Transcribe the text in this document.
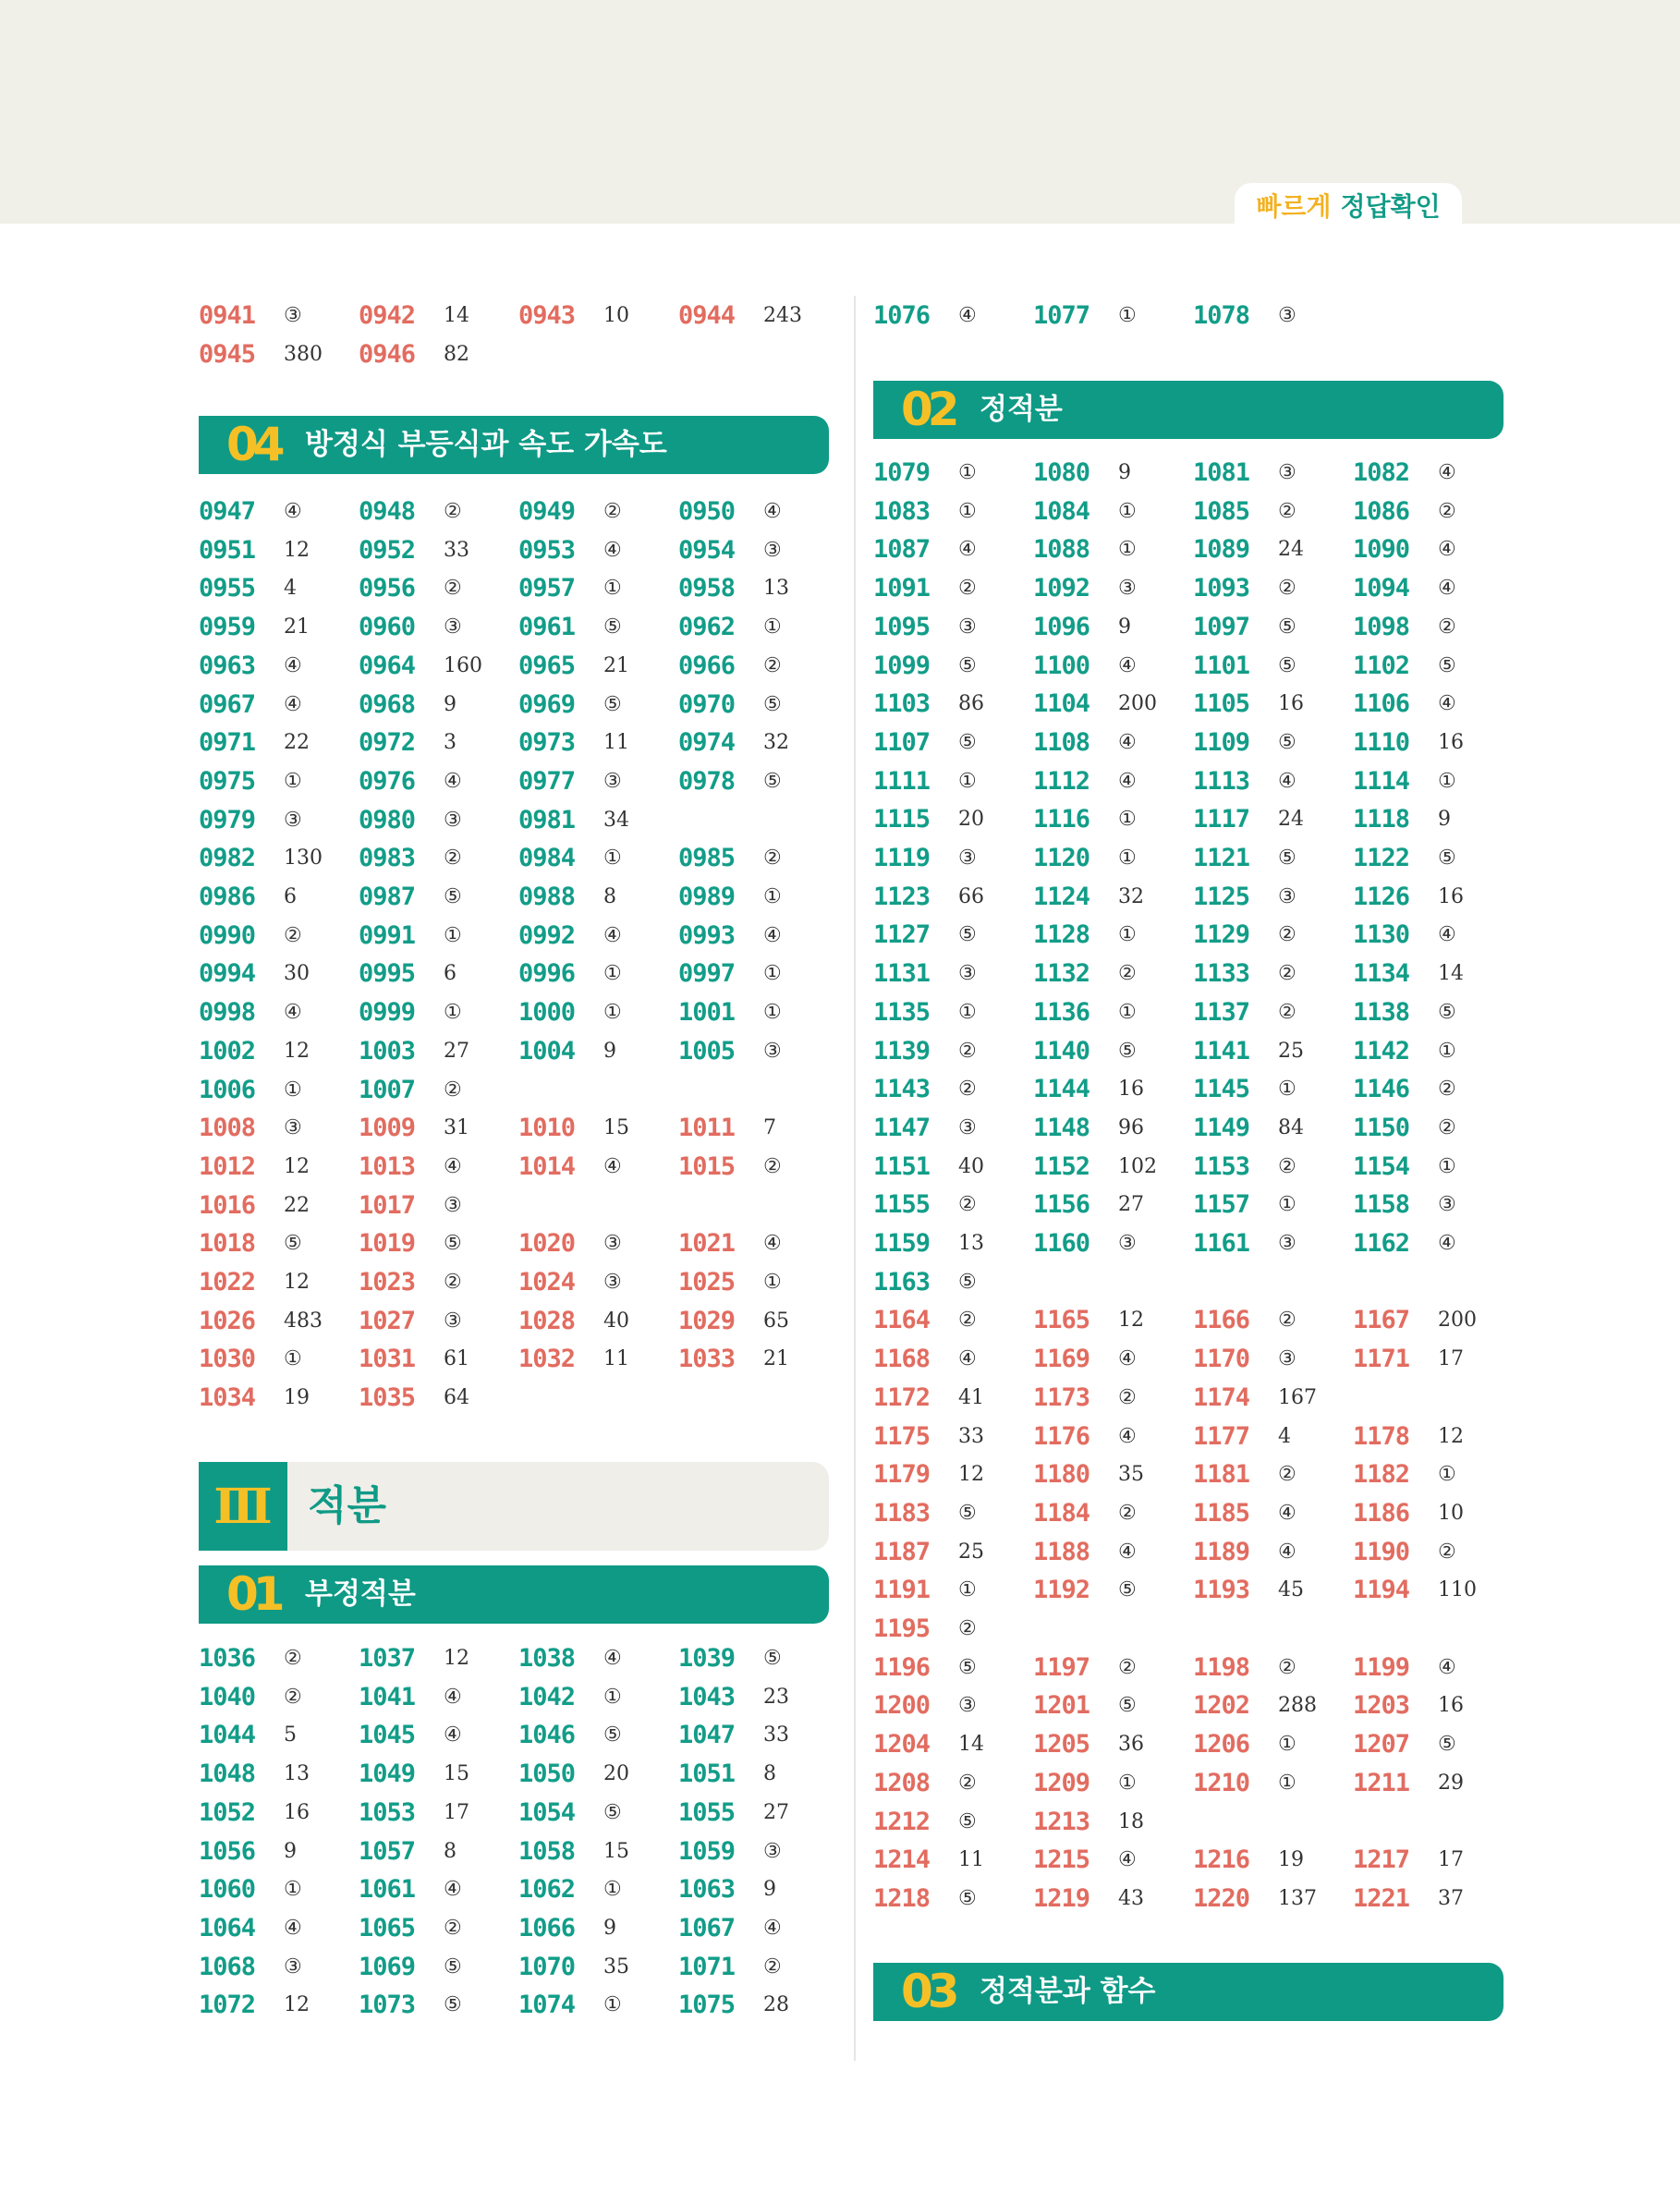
빠르게 정답확인
0941 ③ 0942 14 0943 10 0944 243
0945 380 0946 82
04 방정식 부등식과 속도 가속도
0947 ④ 0948 ② 0949 ② 0950 ④
0951 12 0952 33 0953 ④ 0954 ③
0955 4 0956 ② 0957 ① 0958 13
0959 21 0960 ③ 0961 ⑤ 0962 ①
0963 ④ 0964 160 0965 21 0966 ②
0967 ④ 0968 9 0969 ⑤ 0970 ⑤
0971 22 0972 3 0973 11 0974 32
0975 ① 0976 ④ 0977 ③ 0978 ⑤
0979 ③ 0980 ③ 0981 34
0982 130 0983 ② 0984 ① 0985 ②
0986 6 0987 ⑤ 0988 8 0989 ①
0990 ② 0991 ① 0992 ④ 0993 ④
0994 30 0995 6 0996 ① 0997 ①
0998 ④ 0999 ① 1000 ① 1001 ①
1002 12 1003 27 1004 9 1005 ③
1006 ① 1007 ②
1008 ③ 1009 31 1010 15 1011 7
1012 12 1013 ④ 1014 ④ 1015 ②
1016 22 1017 ③
1018 ⑤ 1019 ⑤ 1020 ③ 1021 ④
1022 12 1023 ② 1024 ③ 1025 ①
1026 483 1027 ③ 1028 40 1029 65
1030 ① 1031 61 1032 11 1033 21
1034 19 1035 64
Ⅲ 적분
01 부정적분
1036 ② 1037 12 1038 ④ 1039 ⑤
1040 ② 1041 ④ 1042 ① 1043 23
1044 5 1045 ④ 1046 ⑤ 1047 33
1048 13 1049 15 1050 20 1051 8
1052 16 1053 17 1054 ⑤ 1055 27
1056 9 1057 8 1058 15 1059 ③
1060 ① 1061 ④ 1062 ① 1063 9
1064 ④ 1065 ② 1066 9 1067 ④
1068 ③ 1069 ⑤ 1070 35 1071 ②
1072 12 1073 ⑤ 1074 ① 1075 28
1076 ④ 1077 ① 1078 ③
02 정적분
1079 ① 1080 9 1081 ③ 1082 ④
1083 ① 1084 ① 1085 ② 1086 ②
1087 ④ 1088 ① 1089 24 1090 ④
1091 ② 1092 ③ 1093 ② 1094 ④
1095 ③ 1096 9 1097 ⑤ 1098 ②
1099 ⑤ 1100 ④ 1101 ⑤ 1102 ⑤
1103 86 1104 200 1105 16 1106 ④
1107 ⑤ 1108 ④ 1109 ⑤ 1110 16
1111 ① 1112 ④ 1113 ④ 1114 ①
1115 20 1116 ① 1117 24 1118 9
1119 ③ 1120 ① 1121 ⑤ 1122 ⑤
1123 66 1124 32 1125 ③ 1126 16
1127 ⑤ 1128 ① 1129 ② 1130 ④
1131 ③ 1132 ② 1133 ② 1134 14
1135 ① 1136 ① 1137 ② 1138 ⑤
1139 ② 1140 ⑤ 1141 25 1142 ①
1143 ② 1144 16 1145 ① 1146 ②
1147 ③ 1148 96 1149 84 1150 ②
1151 40 1152 102 1153 ② 1154 ①
1155 ② 1156 27 1157 ① 1158 ③
1159 13 1160 ③ 1161 ③ 1162 ④
1163 ⑤
1164 ② 1165 12 1166 ② 1167 200
1168 ④ 1169 ④ 1170 ③ 1171 17
1172 41 1173 ② 1174 167
1175 33 1176 ④ 1177 4 1178 12
1179 12 1180 35 1181 ② 1182 ①
1183 ⑤ 1184 ② 1185 ④ 1186 10
1187 25 1188 ④ 1189 ④ 1190 ②
1191 ① 1192 ⑤ 1193 45 1194 110
1195 ②
1196 ⑤ 1197 ② 1198 ② 1199 ④
1200 ③ 1201 ⑤ 1202 288 1203 16
1204 14 1205 36 1206 ① 1207 ⑤
1208 ② 1209 ① 1210 ① 1211 29
1212 ⑤ 1213 18
1214 11 1215 ④ 1216 19 1217 17
1218 ⑤ 1219 43 1220 137 1221 37
03 정적분과 함수
